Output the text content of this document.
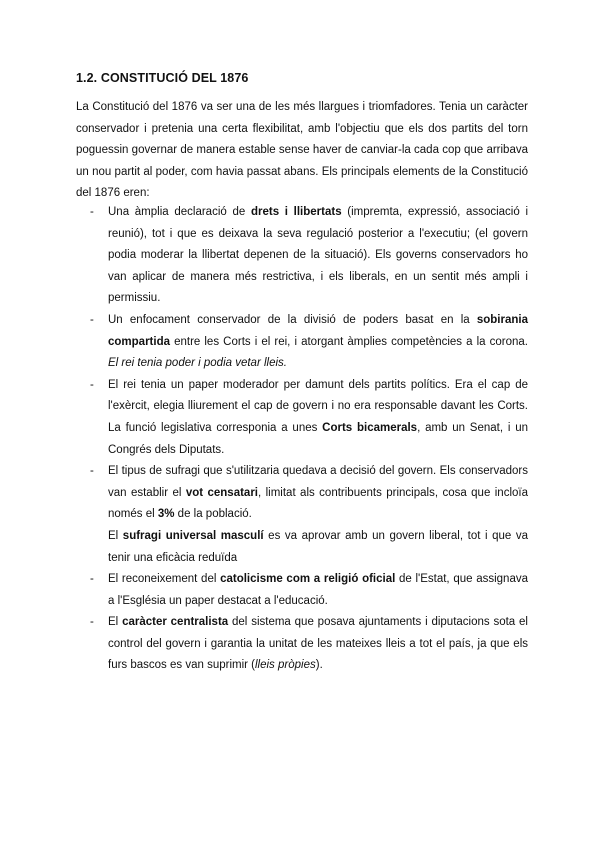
1.2. CONSTITUCIÓ DEL 1876

La Constitució del 1876 va ser una de les més llargues i triomfadores. Tenia un caràcter conservador i pretenia una certa flexibilitat, amb l'objectiu que els dos partits del torn poguessin governar de manera estable sense haver de canviar-la cada cop que arribava un nou partit al poder, com havia passat abans. Els principals elements de la Constitució del 1876 eren:

- Una àmplia declaració de drets i llibertats (impremta, expressió, associació i reunió), tot i que es deixava la seva regulació posterior a l'executiu; (el govern podia moderar la llibertat depenen de la situació). Els governs conservadors ho van aplicar de manera més restrictiva, i els liberals, en un sentit més ampli i permissiu.

- Un enfocament conservador de la divisió de poders basat en la sobirania compartida entre les Corts i el rei, i atorgant àmplies competències a la corona. El rei tenia poder i podia vetar lleis.

- El rei tenia un paper moderador per damunt dels partits polítics. Era el cap de l'exèrcit, elegia lliurement el cap de govern i no era responsable davant les Corts. La funció legislativa corresponia a unes Corts bicamerals, amb un Senat, i un Congrés dels Diputats.

- El tipus de sufragi que s'utilitzaria quedava a decisió del govern. Els conservadors van establir el vot censatari, limitat als contribuents principals, cosa que incloïa només el 3% de la població.

El sufragi universal masculí es va aprovar amb un govern liberal, tot i que va tenir una eficàcia reduïda

- El reconeixement del catolicisme com a religió oficial de l'Estat, que assignava a l'Església un paper destacat a l'educació.

- El caràcter centralista del sistema que posava ajuntaments i diputacions sota el control del govern i garantia la unitat de les mateixes lleis a tot el país, ja que els furs bascos es van suprimir (lleis pròpies).
